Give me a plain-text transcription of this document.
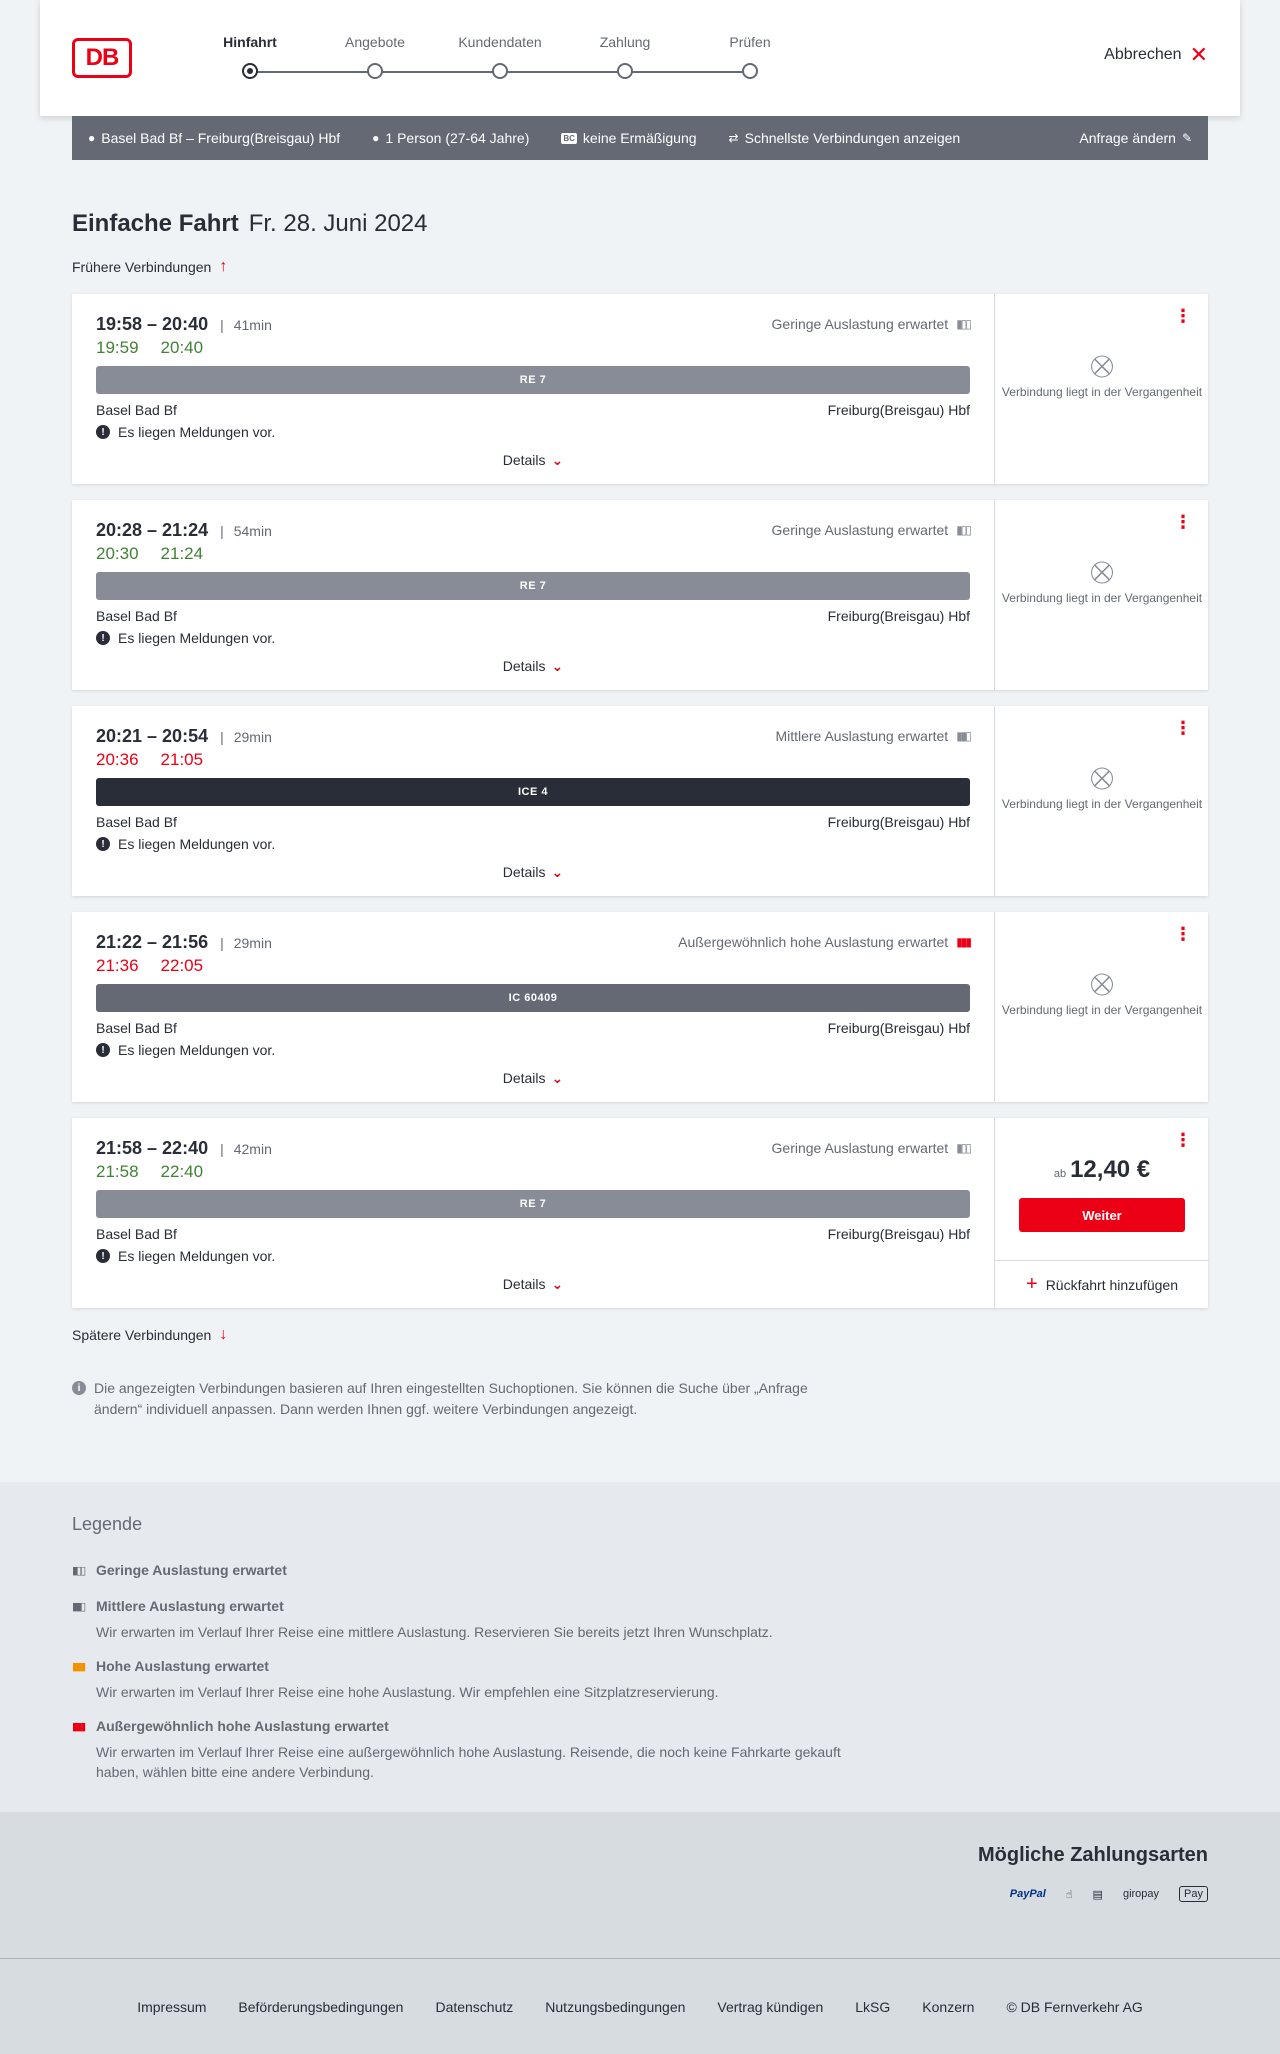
DB
Hinfahrt	Angebote	Kundendaten	Zahlung	Prüfen
Abbrechen ✕
● Basel Bad Bf – Freiburg(Breisgau) Hbf	● 1 Person (27-64 Jahre)	BC keine Ermäßigung	⇄ Schnellste Verbindungen anzeigen	Anfrage ändern ✎
Einfache Fahrt Fr. 28. Juni 2024
Frühere Verbindungen ↑
19:58 – 20:40 | 41min
19:59 20:40
Geringe Auslastung erwartet ▮▯▯
RE 7
Basel Bad Bf	Freiburg(Breisgau) Hbf
! Es liegen Meldungen vor.
Details ⌄
⋮
⛒
Verbindung liegt in der Vergangenheit
20:28 – 21:24 | 54min
20:30 21:24
Geringe Auslastung erwartet ▮▯▯
RE 7
Basel Bad Bf	Freiburg(Breisgau) Hbf
! Es liegen Meldungen vor.
Details ⌄
⋮
⛒
Verbindung liegt in der Vergangenheit
20:21 – 20:54 | 29min
20:36 21:05
Mittlere Auslastung erwartet ▮▮▯
ICE 4
Basel Bad Bf	Freiburg(Breisgau) Hbf
! Es liegen Meldungen vor.
Details ⌄
⋮
⛒
Verbindung liegt in der Vergangenheit
21:22 – 21:56 | 29min
21:36 22:05
Außergewöhnlich hohe Auslastung erwartet ▮▮▮
IC 60409
Basel Bad Bf	Freiburg(Breisgau) Hbf
! Es liegen Meldungen vor.
Details ⌄
⋮
⛒
Verbindung liegt in der Vergangenheit
21:58 – 22:40 | 42min
21:58 22:40
Geringe Auslastung erwartet ▮▯▯
RE 7
Basel Bad Bf	Freiburg(Breisgau) Hbf
! Es liegen Meldungen vor.
Details ⌄
⋮
ab 12,40 €
Weiter
+ Rückfahrt hinzufügen
Spätere Verbindungen ↓
i Die angezeigten Verbindungen basieren auf Ihren eingestellten Suchoptionen. Sie können die Suche über „Anfrage ändern“ individuell anpassen. Dann werden Ihnen ggf. weitere Verbindungen angezeigt.
Legende
▮▯▯ Geringe Auslastung erwartet
▮▮▯ Mittlere Auslastung erwartet
Wir erwarten im Verlauf Ihrer Reise eine mittlere Auslastung. Reservieren Sie bereits jetzt Ihren Wunschplatz.
▮▮▮ Hohe Auslastung erwartet
Wir erwarten im Verlauf Ihrer Reise eine hohe Auslastung. Wir empfehlen eine Sitzplatzreservierung.
▮▮▮ Außergewöhnlich hohe Auslastung erwartet
Wir erwarten im Verlauf Ihrer Reise eine außergewöhnlich hohe Auslastung. Reisende, die noch keine Fahrkarte gekauft haben, wählen bitte eine andere Verbindung.
Mögliche Zahlungsarten
PayPal ☝︎ ▤ giropay	Pay
Impressum Beförderungsbedingungen Datenschutz Nutzungsbedingungen Vertrag kündigen LkSG Konzern © DB Fernverkehr AG
